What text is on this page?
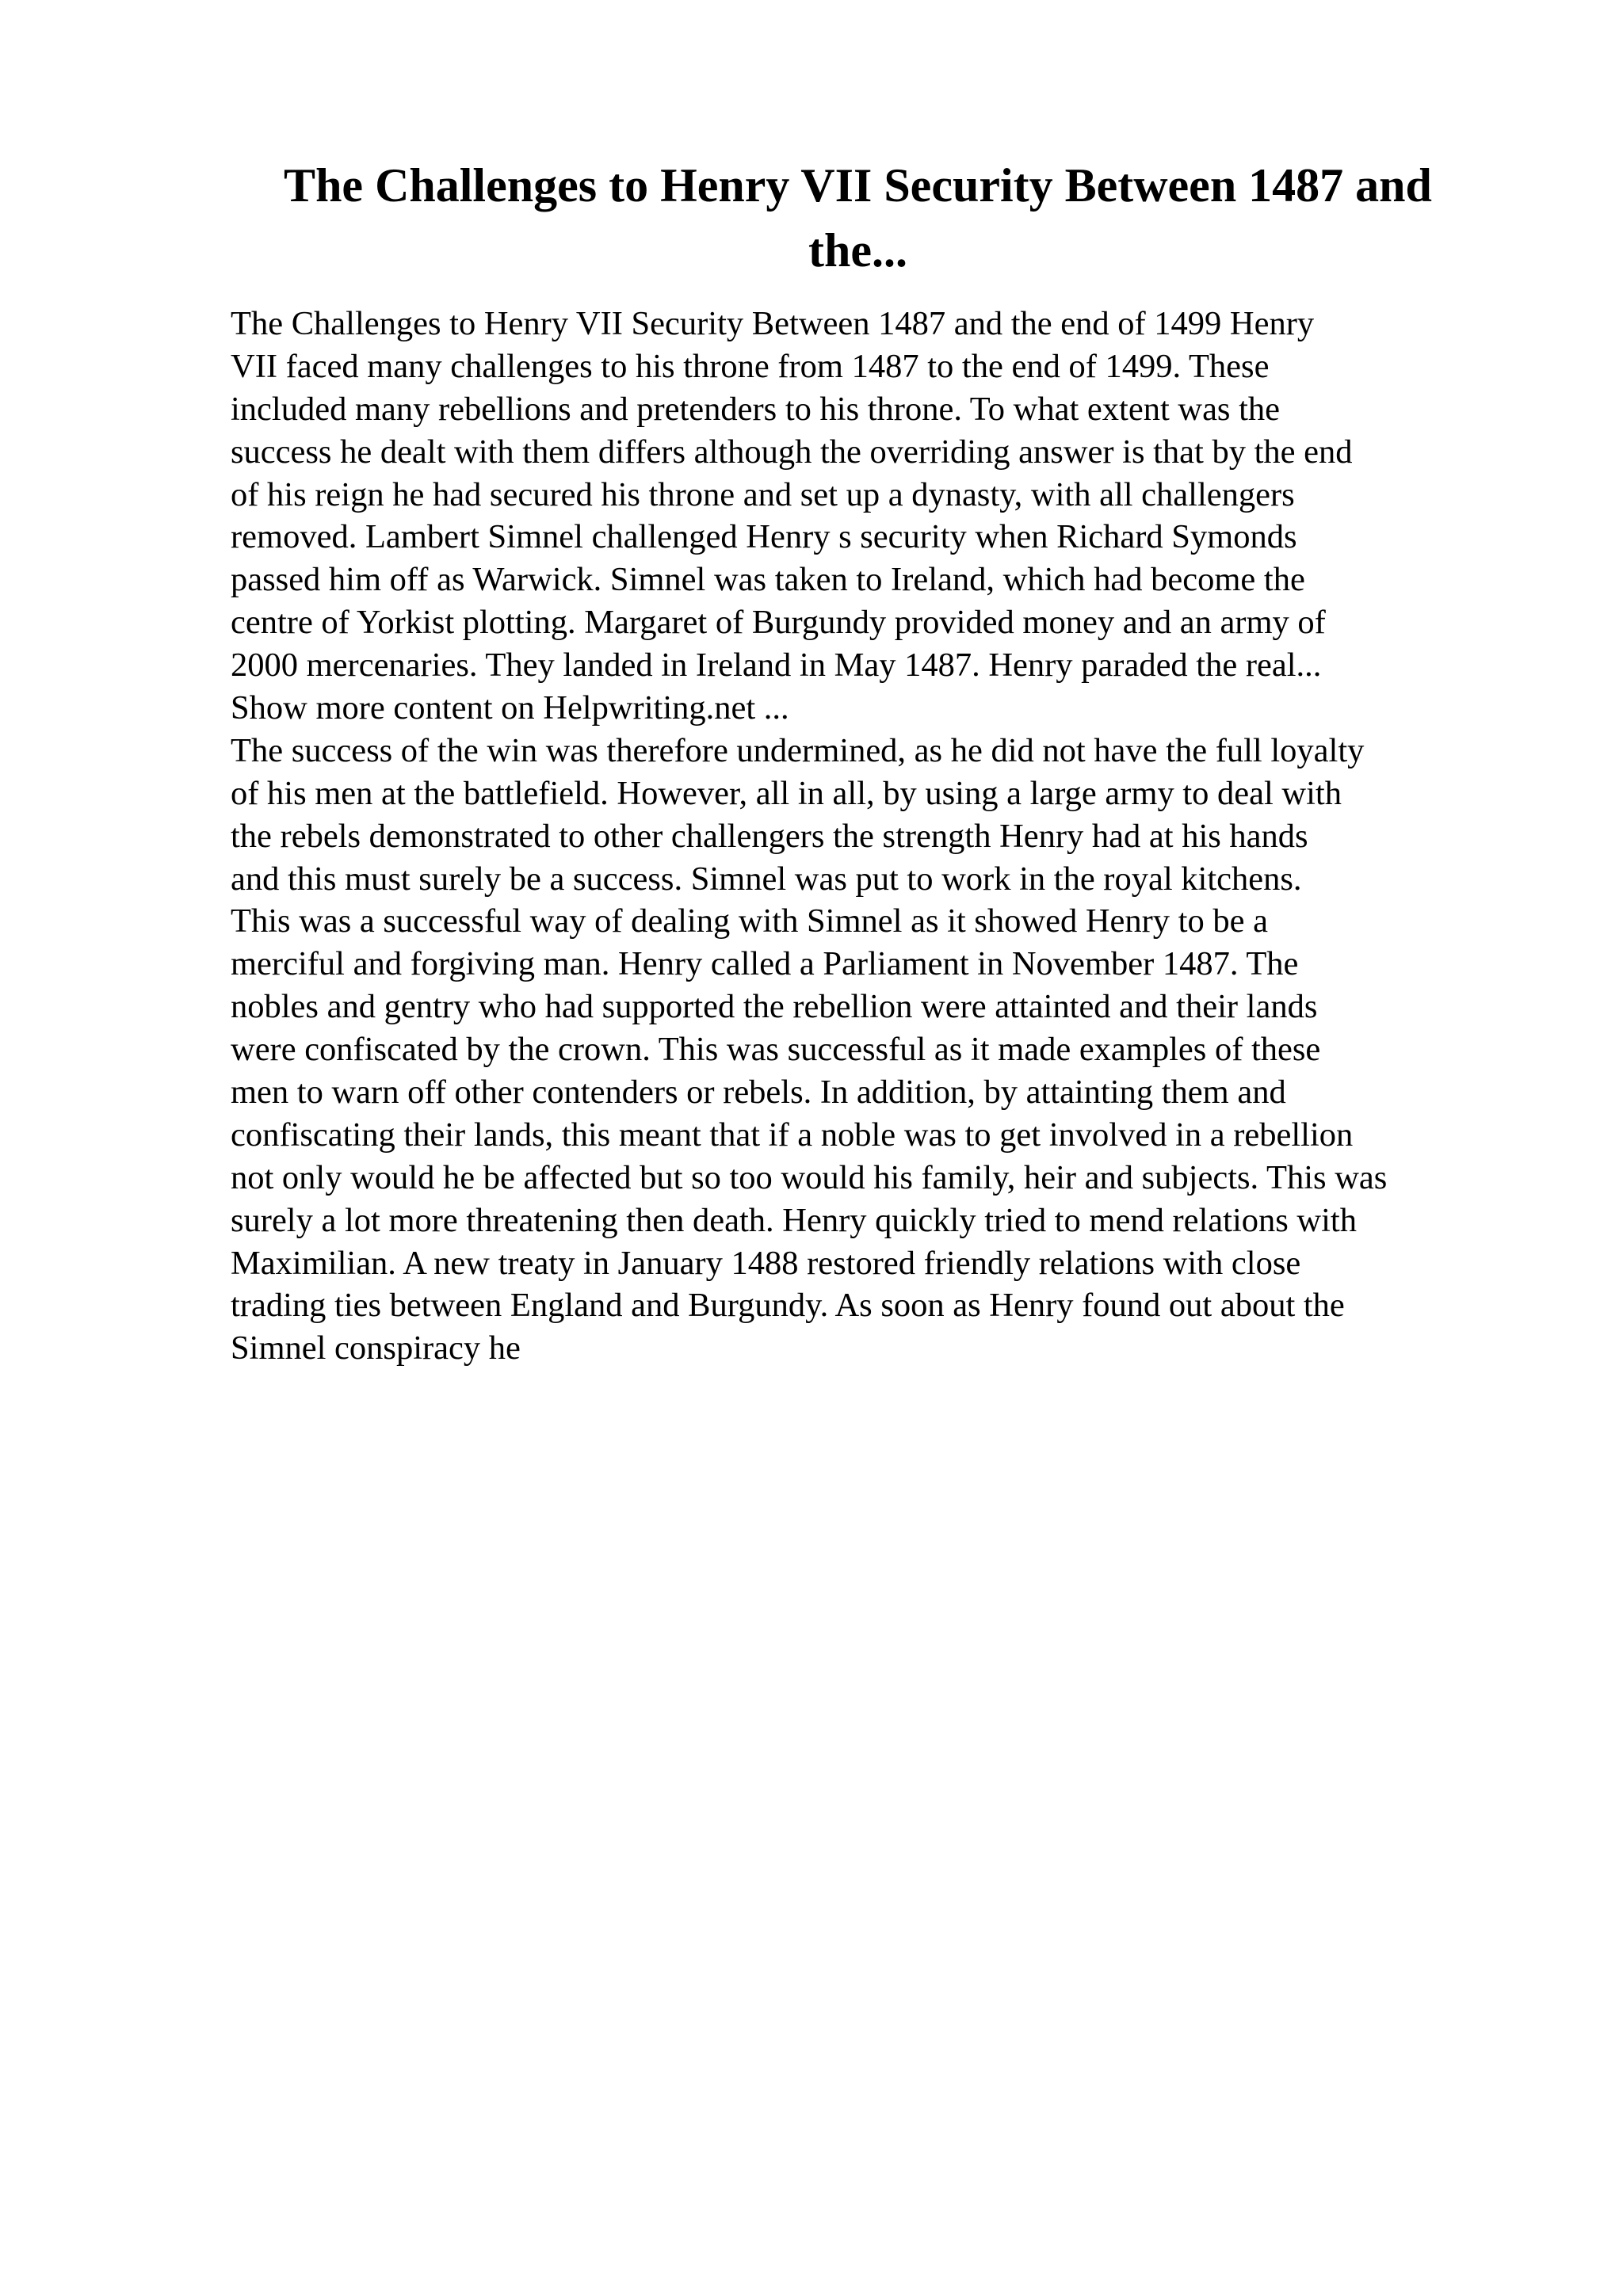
The Challenges to Henry VII Security Between 1487 and
the...
The Challenges to Henry VII Security Between 1487 and the end of 1499 Henry
VII faced many challenges to his throne from 1487 to the end of 1499. These
included many rebellions and pretenders to his throne. To what extent was the
success he dealt with them differs although the overriding answer is that by the end
of his reign he had secured his throne and set up a dynasty, with all challengers
removed. Lambert Simnel challenged Henry s security when Richard Symonds
passed him off as Warwick. Simnel was taken to Ireland, which had become the
centre of Yorkist plotting. Margaret of Burgundy provided money and an army of
2000 mercenaries. They landed in Ireland in May 1487. Henry paraded the real...
Show more content on Helpwriting.net ...
The success of the win was therefore undermined, as he did not have the full loyalty
of his men at the battlefield. However, all in all, by using a large army to deal with
the rebels demonstrated to other challengers the strength Henry had at his hands
and this must surely be a success. Simnel was put to work in the royal kitchens.
This was a successful way of dealing with Simnel as it showed Henry to be a
merciful and forgiving man. Henry called a Parliament in November 1487. The
nobles and gentry who had supported the rebellion were attainted and their lands
were confiscated by the crown. This was successful as it made examples of these
men to warn off other contenders or rebels. In addition, by attainting them and
confiscating their lands, this meant that if a noble was to get involved in a rebellion
not only would he be affected but so too would his family, heir and subjects. This was
surely a lot more threatening then death. Henry quickly tried to mend relations with
Maximilian. A new treaty in January 1488 restored friendly relations with close
trading ties between England and Burgundy. As soon as Henry found out about the
Simnel conspiracy he
